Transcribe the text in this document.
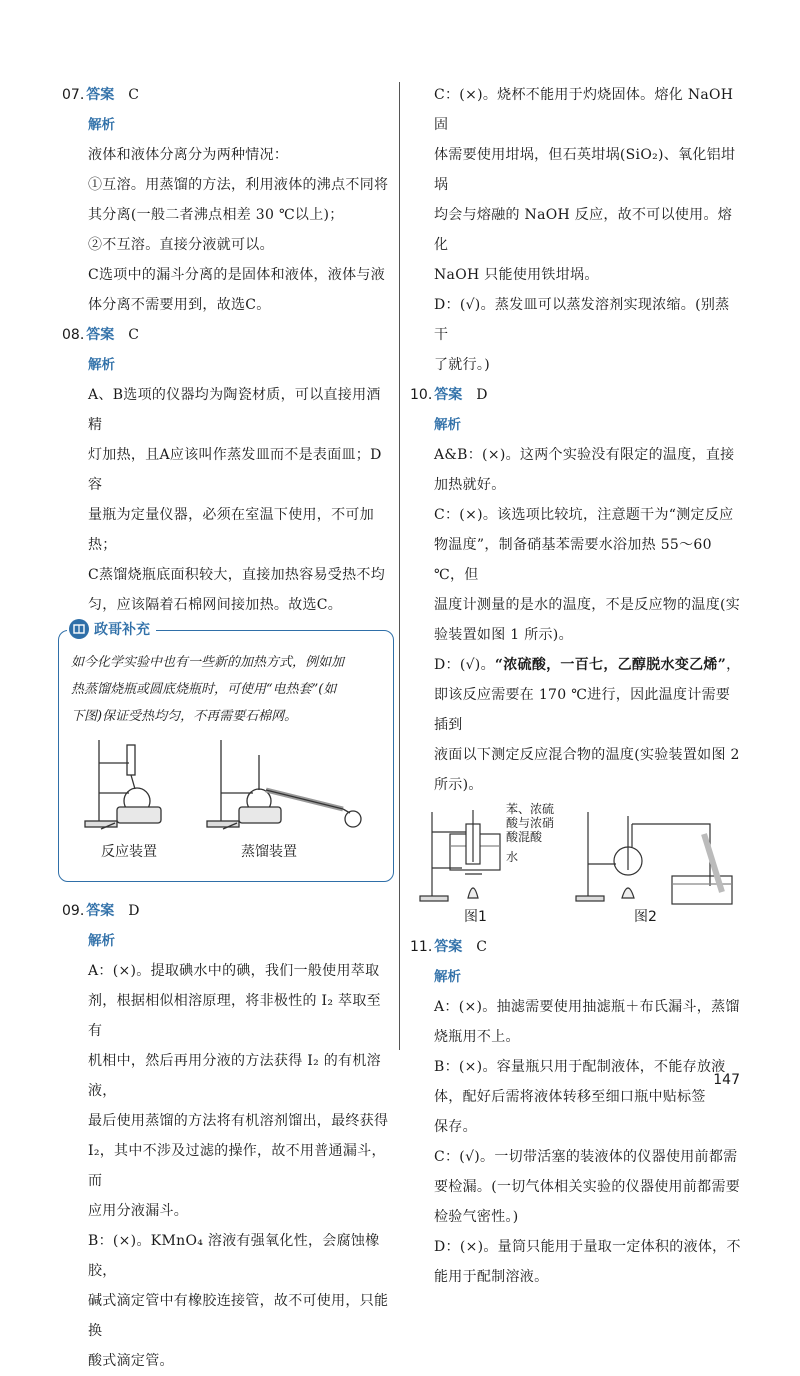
07. 答案 C
解析

液体和液体分离分为两种情况：

①互溶。用蒸馏的方法，利用液体的沸点不同将

其分离(一般二者沸点相差 30 ℃以上)；

②不互溶。直接分液就可以。

C选项中的漏斗分离的是固体和液体，液体与液

体分离不需要用到，故选C。

08. 答案 C
解析

A、B选项的仪器均为陶瓷材质，可以直接用酒精

灯加热，且A应该叫作蒸发皿而不是表面皿；D容

量瓶为定量仪器，必须在室温下使用，不可加热；

C蒸馏烧瓶底面积较大，直接加热容易受热不均

匀，应该隔着石棉网间接加热。故选C。

政哥补充
如今化学实验中也有一些新的加热方式，例如加
热蒸馏烧瓶或圆底烧瓶时，可使用“电热套”(如
下图)保证受热均匀，不再需要石棉网。
反应装置	蒸馏装置
09. 答案 D
解析

A：(×)。提取碘水中的碘，我们一般使用萃取

剂，根据相似相溶原理，将非极性的 I₂ 萃取至有

机相中，然后再用分液的方法获得 I₂ 的有机溶液，

最后使用蒸馏的方法将有机溶剂馏出，最终获得

I₂，其中不涉及过滤的操作，故不用普通漏斗，而

应用分液漏斗。

B：(×)。KMnO₄ 溶液有强氧化性，会腐蚀橡胶，

碱式滴定管中有橡胶连接管，故不可使用，只能换

酸式滴定管。

C：(×)。烧杯不能用于灼烧固体。熔化 NaOH 固

体需要使用坩埚，但石英坩埚(SiO₂)、氧化铝坩埚

均会与熔融的 NaOH 反应，故不可以使用。熔化

NaOH 只能使用铁坩埚。

D：(√)。蒸发皿可以蒸发溶剂实现浓缩。(别蒸干

了就行。)

10. 答案 D
解析

A&B：(×)。这两个实验没有限定的温度，直接

加热就好。

C：(×)。该选项比较坑，注意题干为“测定反应

物温度”，制备硝基苯需要水浴加热 55～60 ℃，但

温度计测量的是水的温度，不是反应物的温度(实

验装置如图 1 所示)。

D：(√)。“浓硫酸，一百七，乙醇脱水变乙烯”，

即该反应需要在 170 ℃进行，因此温度计需要插到

液面以下测定反应混合物的温度(实验装置如图 2

所示)。

苯、浓硫
酸与浓硝
酸混酸
水
图1	图2
11. 答案 C
解析

A：(×)。抽滤需要使用抽滤瓶＋布氏漏斗，蒸馏

烧瓶用不上。

B：(×)。容量瓶只用于配制液体，不能存放液

体，配好后需将液体转移至细口瓶中贴标签

保存。

C：(√)。一切带活塞的装液体的仪器使用前都需

要检漏。(一切气体相关实验的仪器使用前都需要

检验气密性。)

D：(×)。量筒只能用于量取一定体积的液体，不

能用于配制溶液。

147
